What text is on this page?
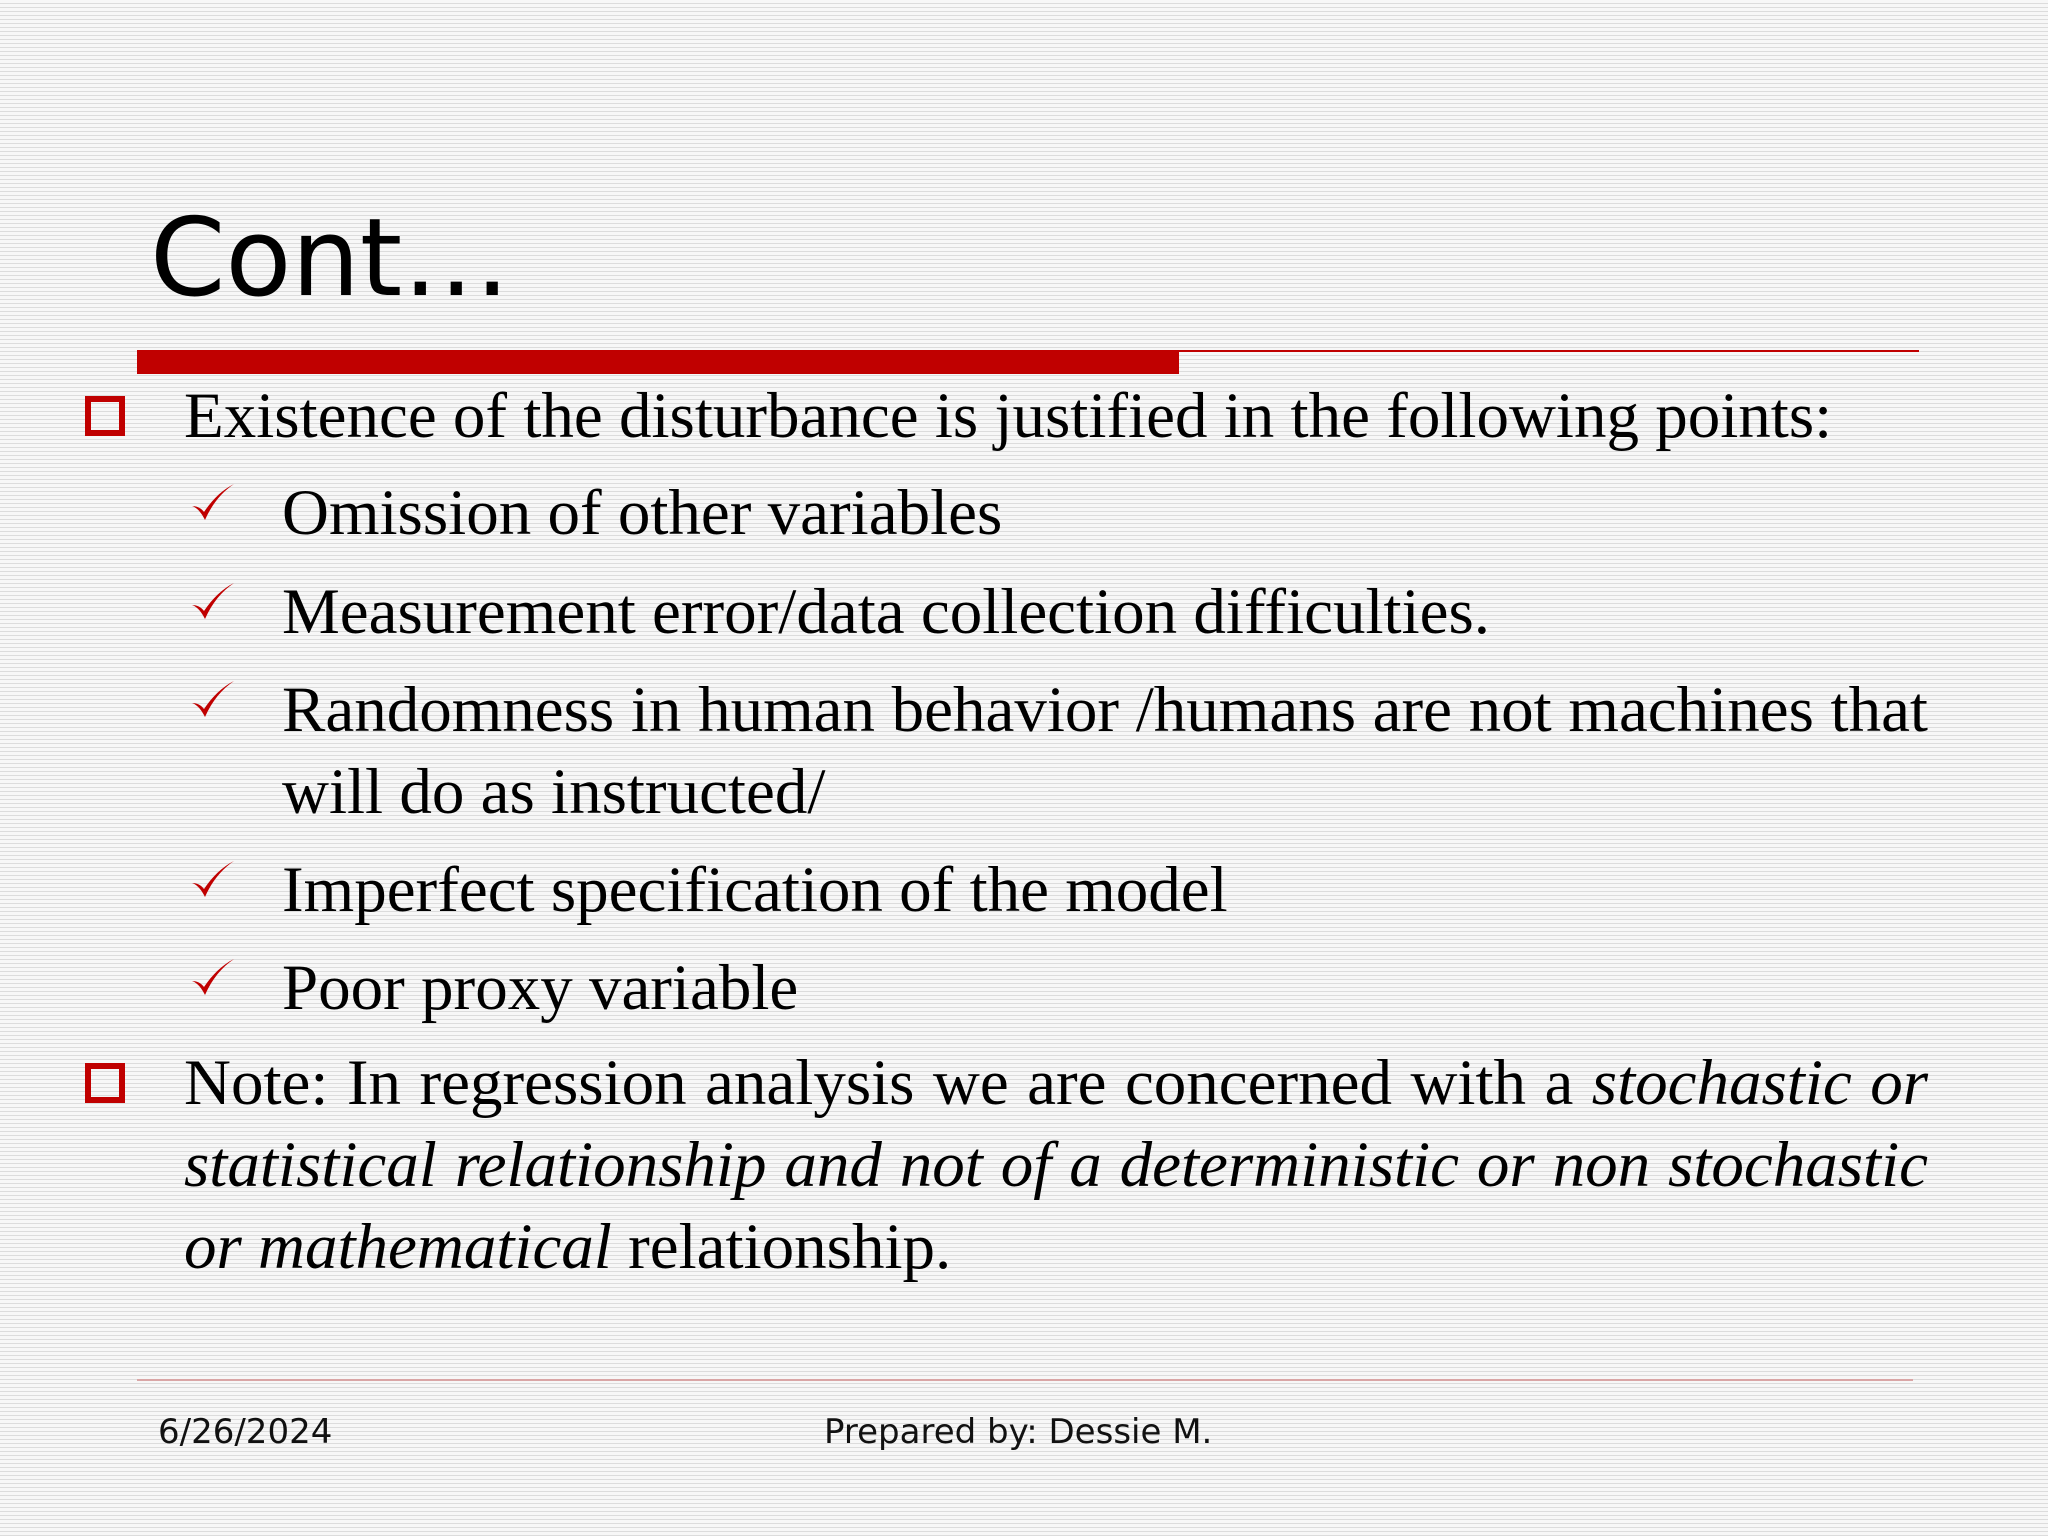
Cont…
Existence of the disturbance is justified in the following points:
Omission of other variables
Measurement error/data collection difficulties.
Randomness in human behavior /humans are not machines that will do as instructed/
Imperfect specification of the model
Poor proxy variable
Note: In regression analysis we are concerned with a stochastic or statistical relationship and not of a deterministic or non stochastic or mathematical relationship.
6/26/2024	Prepared by: Dessie M.
